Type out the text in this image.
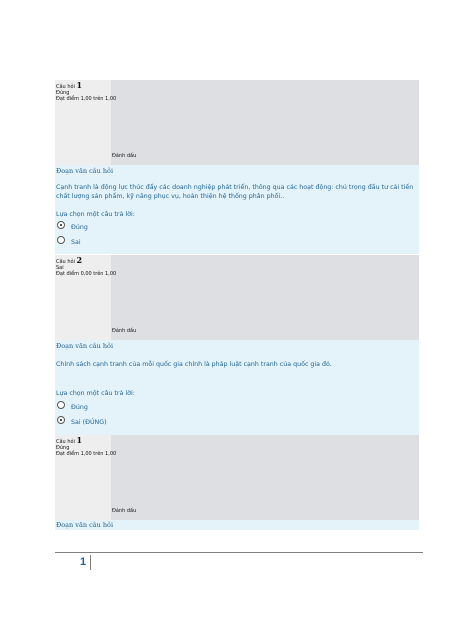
Câu hỏi 1
Đúng
Đạt điểm 1,00 trên 1,00
Đánh dấu
Đoạn văn câu hỏi
Cạnh tranh là động lực thúc đẩy các doanh nghiệp phát triển, thông qua các hoạt động: chú trọng đầu tư cải tiến chất lượng sản phẩm, kỹ năng phục vụ, hoàn thiện hệ thống phân phối..
Lựa chọn một câu trả lời:
Đúng
Sai
Câu hỏi 2
Sai
Đạt điểm 0,00 trên 1,00
Đánh dấu
Đoạn văn câu hỏi
Chính sách cạnh tranh của mỗi quốc gia chính là pháp luật cạnh tranh của quốc gia đó.
Lựa chọn một câu trả lời:
Đúng
Sai (ĐÚNG)
Câu hỏi 1
Đúng
Đạt điểm 1,00 trên 1,00
Đánh dấu
Đoạn văn câu hỏi
1
